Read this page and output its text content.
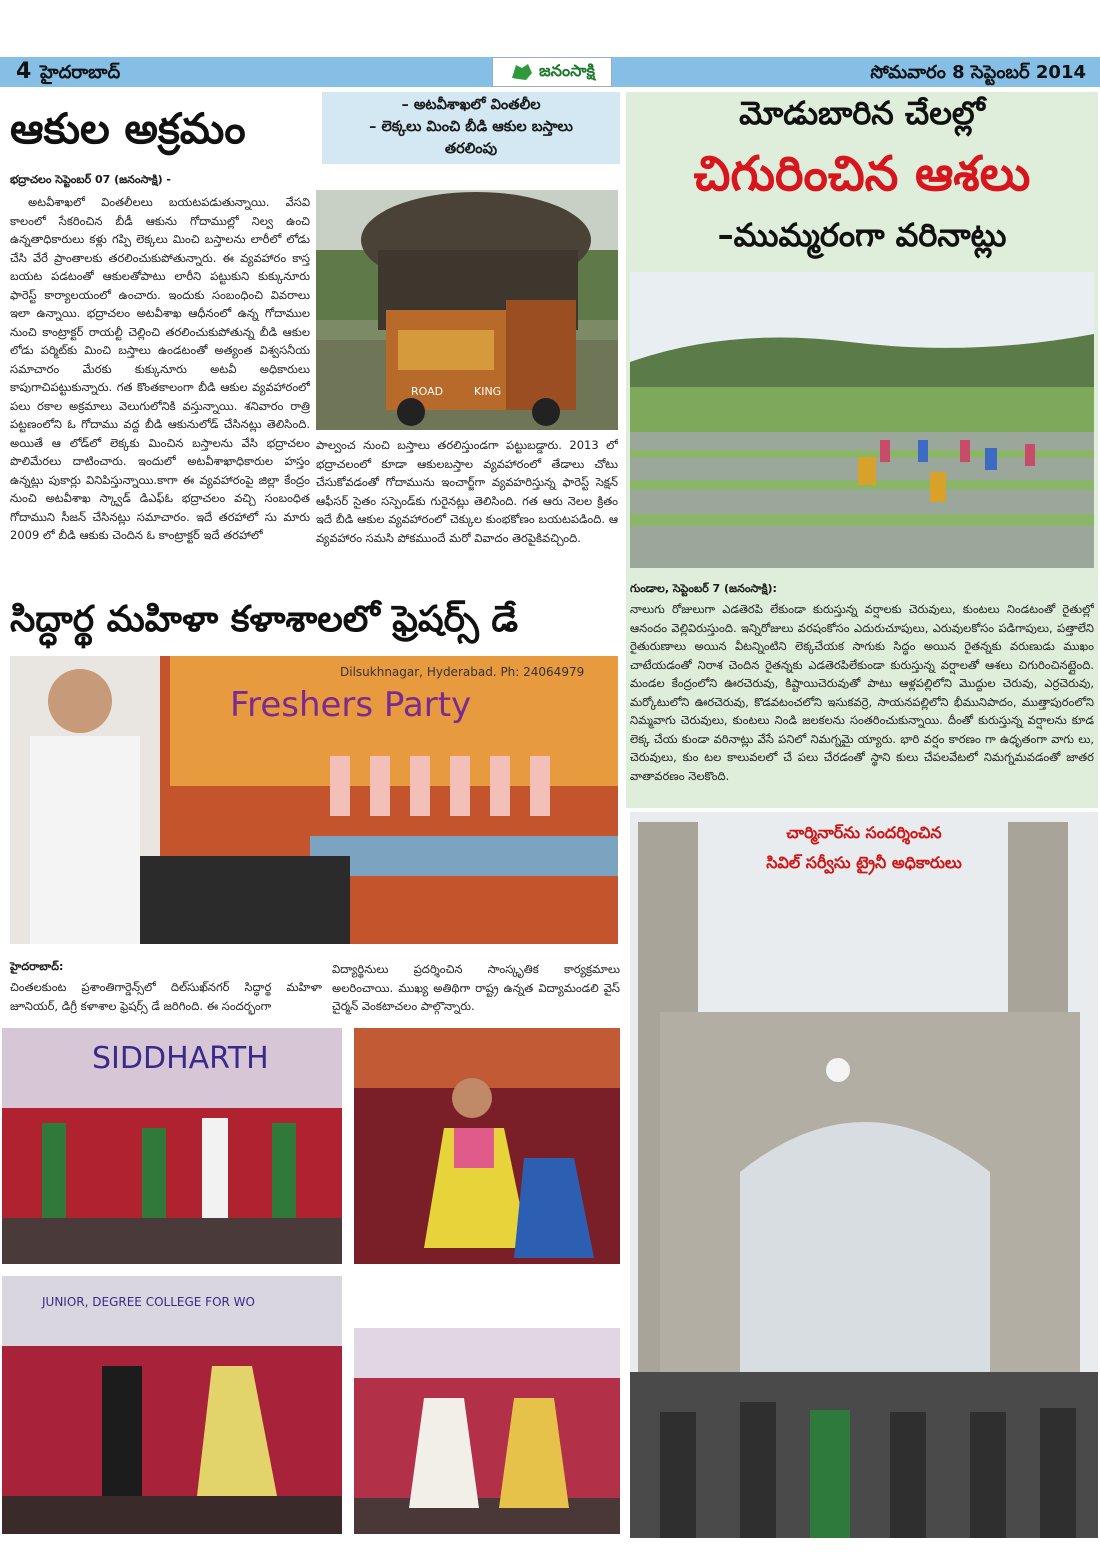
4 హైదరాబాద్	జనంసాక్షి	సోమవారం 8 సెప్టెంబర్ 2014
ఆకుల అక్రమం	– అటవీశాఖలో వింతలీల
– లెక్కలు మించి బీడి ఆకుల బస్తాలు
తరలింపు
భద్రాచలం సెప్టెంబర్ 07 (జనంసాక్షి) -
అటవీశాఖలో వింతలీలలు బయటపడుతున్నాయి. వేసవి కాలంలో సేకరించిన బీడీ ఆకును గోదాముల్లో నిల్వ ఉంచి ఉన్నతాధికారులు కళ్లు గప్పి లెక్కలు మించి బస్తాలను లారీలో లోడు చేసి వేరే ప్రాంతాలకు తరలించుకుపోతున్నారు. ఈ వ్యవహారం కాస్త బయట పడటంతో ఆకులతోపాటు లారీని పట్టుకుని కుక్కునూరు ఫారెస్ట్ కార్యాలయంలో ఉంచారు. ఇందుకు సంబంధించి వివరాలు ఇలా ఉన్నాయి. భద్రాచలం అటవీశాఖ ఆధీనంలో ఉన్న గోదాముల నుంచి కాంట్రాక్టర్ రాయల్టీ చెల్లించి తరలించుకుపోతున్న బీడి ఆకుల లోడు పర్మిట్‌కు మించి బస్తాలు ఉండటంతో అత్యంత విశ్వసనీయ సమాచారం మేరకు కుక్కునూరు అటవీ అధికారులు కాపుగాచిపట్టుకున్నారు. గత కొంతకాలంగా బీడి ఆకుల వ్యవహారంలో పలు రకాల అక్రమాలు వెలుగులోనికి వస్తున్నాయి. శనివారం రాత్రి పట్టణంలోని ఓ గోదాము వద్ద బీడి ఆకునులోడ్ చేసినట్లు తెలిసింది. అయితే ఆ లోడ్‌లో లెక్కకు మించిన బస్తాలను వేసి భద్రాచలం పొలిమేరలు దాటించారు. ఇందులో అటవీశాఖాధికారుల హస్తం ఉన్నట్లు పుకార్లు వినిపిస్తున్నాయి.కాగా ఈ వ్యవహారంపై జిల్లా కేంద్రం నుంచి అటవీశాఖ స్క్వాడ్ డిఎఫ్‌ఓ భద్రాచలం వచ్చి సంబంధిత గోదాముని సీజన్ చేసినట్లు సమాచారం. ఇదే తరహాలో సు మారు 2009 లో బీడి ఆకుకు చెందిన ఓ కాంట్రాక్టర్ ఇదే తరహాలో
ROAD	KING
పాల్వంచ నుంచి బస్తాలు తరలిస్తుండగా పట్టుబడ్డారు. 2013 లో భద్రాచలంలో కూడా ఆకులబస్తాల వ్యవహారంలో తేడాలు చోటు చేసుకోవడంతో గోదామును ఇంచార్జ్‌గా వ్యవహరిస్తున్న ఫారెస్ట్ సెక్షన్ ఆఫీసర్ సైతం సస్పెండ్‌కు గురైనట్లు తెలిసింది. గత ఆరు నెలల క్రితం ఇదే బీడి ఆకుల వ్యవహారంలో చెక్కుల కుంభకోణం బయటపడింది. ఆ వ్యవహారం సమసి పోకముందే మరో వివాదం తెరపైకివచ్చింది.
మోడుబారిన చేలల్లో
చిగురించిన ఆశలు
–ముమ్మరంగా వరినాట్లు
గుండాల, సెప్టెంబర్ 7 (జనంసాక్షి):
నాలుగు రోజులుగా ఎడతెరపి లేకుండా కురుస్తున్న వర్షాలకు చెరువులు, కుంటలు నిండటంతో రైతుల్లో ఆనందం వెల్లివిరుస్తుంది. ఇన్నిరోజులు వరషంకోసం ఎదురుచూపులు, ఎరువులకోసం పడిగాపులు, పత్తాలేని రైతురుణాలు అయిన వీటన్నింటిని లెక్కచేయక సాగుకు సిద్ధం అయిన రైతన్నకు వరుణుడు ముఖం చాటేయడంతో నిరాశ చెందిన రైతన్నకు ఎడతెరపిలేకుండా కురుస్తున్న వర్షాలతో ఆశలు చిగురించినట్లైంది. మండల కేంద్రంలోని ఊరచెరువు, కిష్టాయిచెరువుతో పాటు ఆళ్లపల్లిలోని మొద్దుల చెరువు, ఎర్రచెరువు, మర్కోటులోని ఊరచెరువు, కొడవటంచలోని ఇసుకవర్రె, సాయనపల్లిలోని భీమునిపాదం, ముత్తాపురంలోని నిమ్మవాగు చెరువులు, కుంటలు నిండి జలకలను సంతరించుకున్నాయి. దీంతో కురుస్తున్న వర్షాలను కూడ లెక్క చేయ కుండా వరినాట్లు వేసే పనిలో నిమగ్నమై య్యారు. భారి వర్షం కారణం గా ఉధృతంగా వాగు లు, చెరువులు, కుం టల కాలువలలో చే పలు చేరడంతో స్థాని కులు చేపలవేటలో నిమగ్నమవడంతో జాతర వాతావరణం నెలకొంది.
సిద్ధార్థ మహిళా కళాశాలలో ఫ్రెషర్స్ డే
Freshers Party
Dilsukhnagar, Hyderabad. Ph: 24064979
హైదరాబాద్:
చింతలకుంట ప్రశాంతిగార్డెన్స్‌లో దిల్‌సుఖ్‌నగర్ సిద్ధార్థ మహిళా జూనియర్, డిగ్రీ కళాశాల ఫ్రెషర్స్ డే జరిగింది. ఈ సందర్భంగా
విద్యార్థినులు ప్రదర్శించిన సాంస్కృతిక కార్యక్రమాలు అలరించాయి. ముఖ్య అతిథిగా రాష్ట్ర ఉన్నత విద్యామండలి వైస్ చైర్మన్ వెంకటాచలం పాల్గొన్నారు.
SIDDHARTH
JUNIOR, DEGREE COLLEGE FOR WO
చార్మినార్‌ను సందర్శించిన
సివిల్ సర్వీసు ట్రైనీ అధికారులు
